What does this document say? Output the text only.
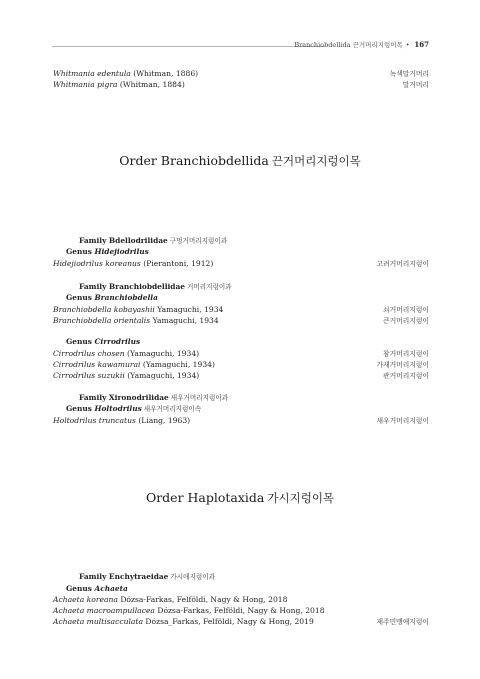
Branchiobdellida 끈거머리지렁이목 • 167
Whitmania edentula (Whitman, 1886)	녹색말거머리
Whitmania pigra (Whitman, 1884)	말거머리
Order Branchiobdellida 끈거머리지렁이목
Family Bdellodrilidae 구멍거머리지렁이과
Genus Hidejiodrilus
Hidejiodrilus koreanus (Pierantoni, 1912)	고려거머리지렁이
Family Branchiobdellidae 거머리지렁이과
Genus Branchiobdella
Branchiobdella kobayashii Yamaguchi, 1934	쇠거머리지렁이
Branchiobdella orientalis Yamaguchi, 1934	큰거머리지렁이
Genus Cirrodrilus
Cirrodrilus chosen (Yamaguchi, 1934)	참거머리지렁이
Cirrodrilus kawamurai (Yamaguchi, 1934)	가재거머리지렁이
Cirrodrilus suzukii (Yamaguchi, 1934)	관거머리지렁이
Family Xironodrilidae 새우거머리지렁이과
Genus Holtodrilus 새우거머리지렁이속
Holtodrilus truncatus (Liang, 1963)	새우거머리지렁이
Order Haplotaxida 가시지렁이목
Family Enchytraeidae 가시애지렁이과
Genus Achaeta
Achaeta koreana Dózsa-Farkas, Felföldi, Nagy & Hong, 2018
Achaeta macroampullacea Dózsa-Farkas, Felföldi, Nagy & Hong, 2018
Achaeta multisacculata Dózsa_Farkas, Felföldi, Nagy & Hong, 2019	제주민맹애지렁이
